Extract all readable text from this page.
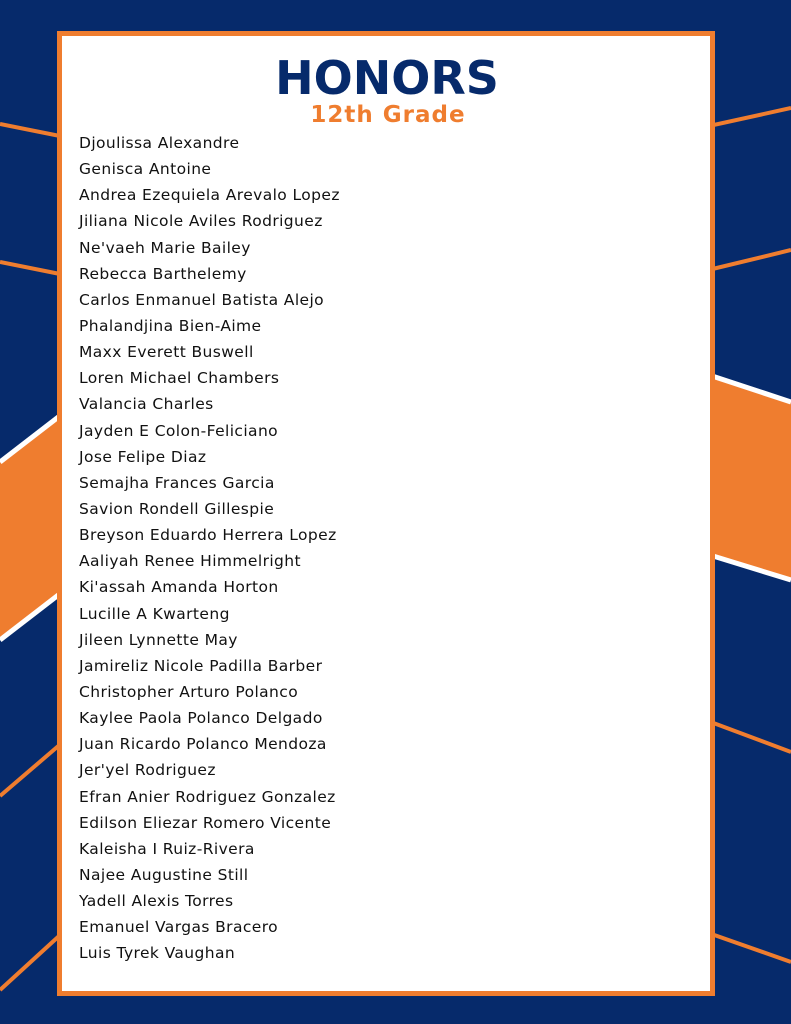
HONORS
12th Grade
Djoulissa Alexandre
Genisca Antoine
Andrea Ezequiela Arevalo Lopez
Jiliana Nicole Aviles Rodriguez
Ne'vaeh Marie Bailey
Rebecca Barthelemy
Carlos Enmanuel Batista Alejo
Phalandjina Bien-Aime
Maxx Everett Buswell
Loren Michael Chambers
Valancia Charles
Jayden E Colon-Feliciano
Jose Felipe Diaz
Semajha Frances Garcia
Savion Rondell Gillespie
Breyson Eduardo Herrera Lopez
Aaliyah Renee Himmelright
Ki'assah Amanda Horton
Lucille A Kwarteng
Jileen Lynnette May
Jamireliz Nicole Padilla Barber
Christopher Arturo Polanco
Kaylee Paola Polanco Delgado
Juan Ricardo Polanco Mendoza
Jer'yel Rodriguez
Efran Anier Rodriguez Gonzalez
Edilson Eliezar Romero Vicente
Kaleisha I Ruiz-Rivera
Najee Augustine Still
Yadell Alexis Torres
Emanuel Vargas Bracero
Luis Tyrek Vaughan
